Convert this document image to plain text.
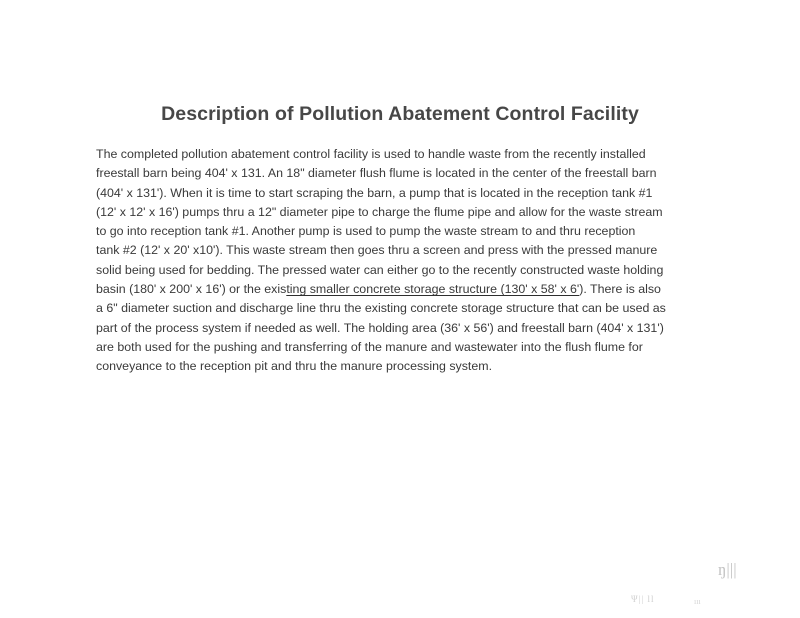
Description of Pollution Abatement Control Facility
The completed pollution abatement control facility is used to handle waste from the recently installed
freestall barn being 404' x 131. An 18" diameter flush flume is located in the center of the freestall barn
(404' x 131'). When it is time to start scraping the barn, a pump that is located in the reception tank #1
(12' x 12' x 16') pumps thru a 12" diameter pipe to charge the flume pipe and allow for the waste stream
to go into reception tank #1. Another pump is used to pump the waste stream to and thru reception
tank #2 (12' x 20' x10'). This waste stream then goes thru a screen and press with the pressed manure
solid being used for bedding. The pressed water can either go to the recently constructed waste holding
basin (180' x 200' x 16') or the existing smaller concrete storage structure (130' x 58' x 6'). There is also
a 6" diameter suction and discharge line thru the existing concrete storage structure that can be used as
part of the process system if needed as well. The holding area (36' x 56') and freestall barn (404' x 131')
are both used for the pushing and transferring of the manure and wastewater into the flush flume for
conveyance to the reception pit and thru the manure processing system.
ŋ|||
Ψ|| ll	ııı
